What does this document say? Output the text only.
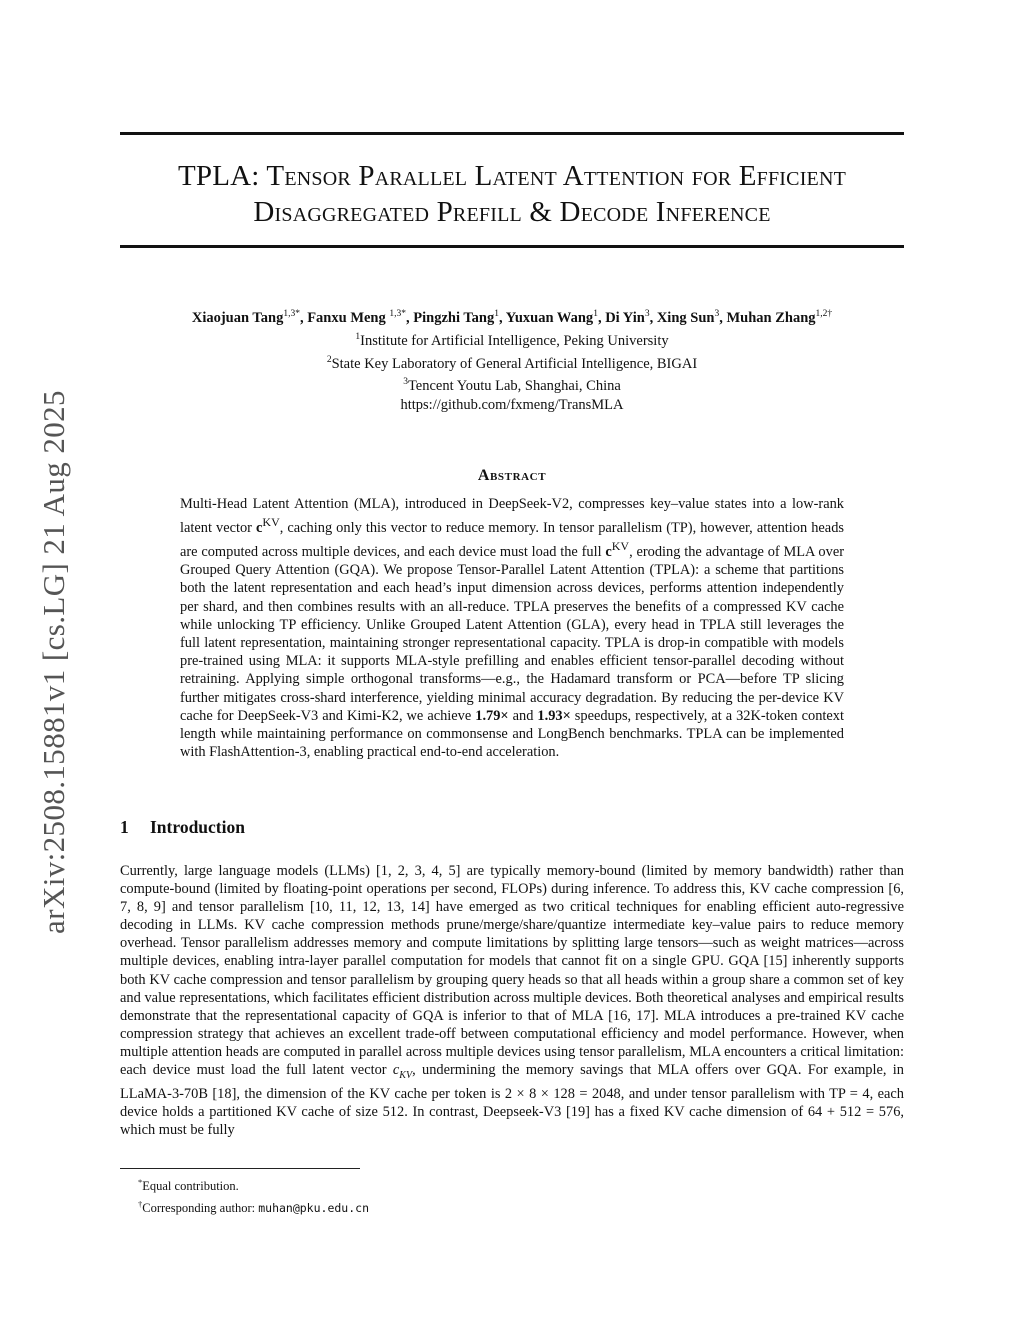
arXiv:2508.15881v1 [cs.LG] 21 Aug 2025
TPLA: Tensor Parallel Latent Attention for Efficient
Disaggregated Prefill & Decode Inference
Xiaojuan Tang$^{1,3*}$, Fanxu Meng $^{1,3*}$, Pingzhi Tang$^1$, Yuxuan Wang$^1$, Di Yin$^3$, Xing Sun$^3$, Muhan Zhang$^{1,2\dagger}$
$^1$Institute for Artificial Intelligence, Peking University
$^2$State Key Laboratory of General Artificial Intelligence, BIGAI
$^3$Tencent Youtu Lab, Shanghai, China
https://github.com/fxmeng/TransMLA
Abstract
Multi-Head Latent Attention (MLA), introduced in DeepSeek-V2, compresses key–value states into a low-rank latent vector $c^{KV}$, caching only this vector to reduce memory. In tensor parallelism (TP), however, attention heads are computed across multiple devices, and each device must load the full $c^{KV}$, eroding the advantage of MLA over Grouped Query Attention (GQA). We propose Tensor-Parallel Latent Attention (TPLA): a scheme that partitions both the latent representation and each head’s input dimension across devices, performs attention independently per shard, and then combines results with an all-reduce. TPLA preserves the benefits of a compressed KV cache while unlocking TP efficiency. Unlike Grouped Latent Attention (GLA), every head in TPLA still leverages the full latent representation, maintaining stronger representational capacity. TPLA is drop-in compatible with models pre-trained using MLA: it supports MLA-style prefilling and enables efficient tensor-parallel decoding without retraining. Applying simple orthogonal transforms—e.g., the Hadamard transform or PCA—before TP slicing further mitigates cross-shard interference, yielding minimal accuracy degradation. By reducing the per-device KV cache for DeepSeek-V3 and Kimi-K2, we achieve 1.79× and 1.93× speedups, respectively, at a 32K-token context length while maintaining performance on commonsense and LongBench benchmarks. TPLA can be implemented with FlashAttention-3, enabling practical end-to-end acceleration.
1 Introduction
Currently, large language models (LLMs) [1, 2, 3, 4, 5] are typically memory-bound (limited by memory bandwidth) rather than compute-bound (limited by floating-point operations per second, FLOPs) during inference. To address this, KV cache compression [6, 7, 8, 9] and tensor parallelism [10, 11, 12, 13, 14] have emerged as two critical techniques for enabling efficient auto-regressive decoding in LLMs. KV cache compression methods prune/merge/share/quantize intermediate key–value pairs to reduce memory overhead. Tensor parallelism addresses memory and compute limitations by splitting large tensors—such as weight matrices—across multiple devices, enabling intra-layer parallel computation for models that cannot fit on a single GPU. GQA [15] inherently supports both KV cache compression and tensor parallelism by grouping query heads so that all heads within a group share a common set of key and value representations, which facilitates efficient distribution across multiple devices. Both theoretical analyses and empirical results demonstrate that the representational capacity of GQA is inferior to that of MLA [16, 17]. MLA introduces a pre-trained KV cache compression strategy that achieves an excellent trade-off between computational efficiency and model performance. However, when multiple attention heads are computed in parallel across multiple devices using tensor parallelism, MLA encounters a critical limitation: each device must load the full latent vector $c_{KV}$, undermining the memory savings that MLA offers over GQA. For example, in LLaMA-3-70B [18], the dimension of the KV cache per token is 2 × 8 × 128 = 2048, and under tensor parallelism with TP = 4, each device holds a partitioned KV cache of size 512. In contrast, Deepseek-V3 [19] has a fixed KV cache dimension of 64 + 512 = 576, which must be fully
*Equal contribution.
†Corresponding author: muhan@pku.edu.cn
